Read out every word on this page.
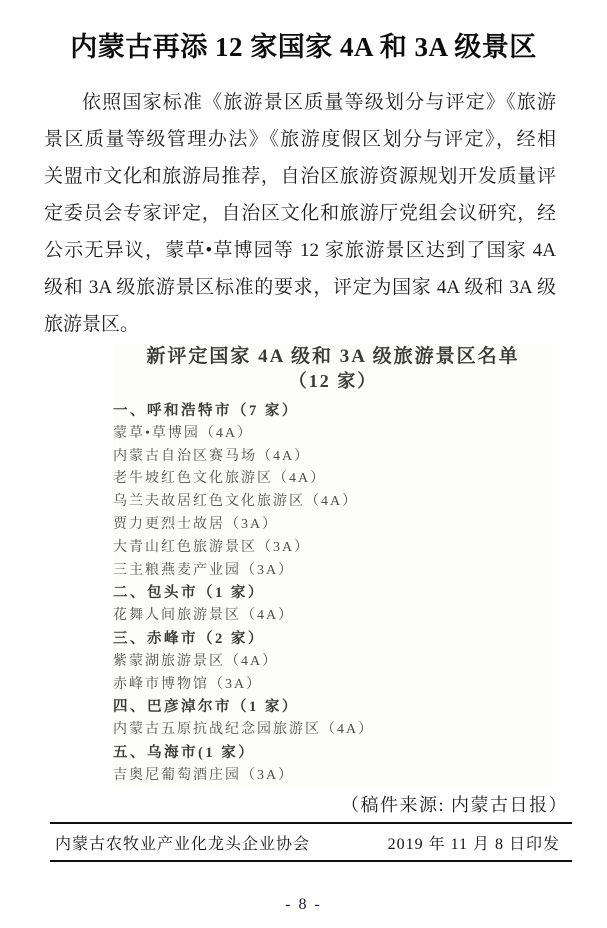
内蒙古再添 12 家国家 4A 和 3A 级景区
依照国家标准《旅游景区质量等级划分与评定》《旅游
景区质量等级管理办法》《旅游度假区划分与评定》，经相
关盟市文化和旅游局推荐，自治区旅游资源规划开发质量评
定委员会专家评定，自治区文化和旅游厅党组会议研究，经
公示无异议，蒙草•草博园等 12 家旅游景区达到了国家 4A
级和 3A 级旅游景区标准的要求，评定为国家 4A 级和 3A 级
旅游景区。
新评定国家 4A 级和 3A 级旅游景区名单
（12 家）
一、呼和浩特市（7 家）
蒙草•草博园（4A）
内蒙古自治区赛马场（4A）
老牛坡红色文化旅游区（4A）
乌兰夫故居红色文化旅游区（4A）
贾力更烈士故居（3A）
大青山红色旅游景区（3A）
三主粮燕麦产业园（3A）
二、包头市（1 家）
花舞人间旅游景区（4A）
三、赤峰市（2 家）
紫蒙湖旅游景区（4A）
赤峰市博物馆（3A）
四、巴彦淖尔市（1 家）
内蒙古五原抗战纪念园旅游区（4A）
五、乌海市(1 家）
吉奥尼葡萄酒庄园（3A）
（稿件来源: 内蒙古日报）
内蒙古农牧业产业化龙头企业协会	2019 年 11 月 8 日印发
- 8 -
